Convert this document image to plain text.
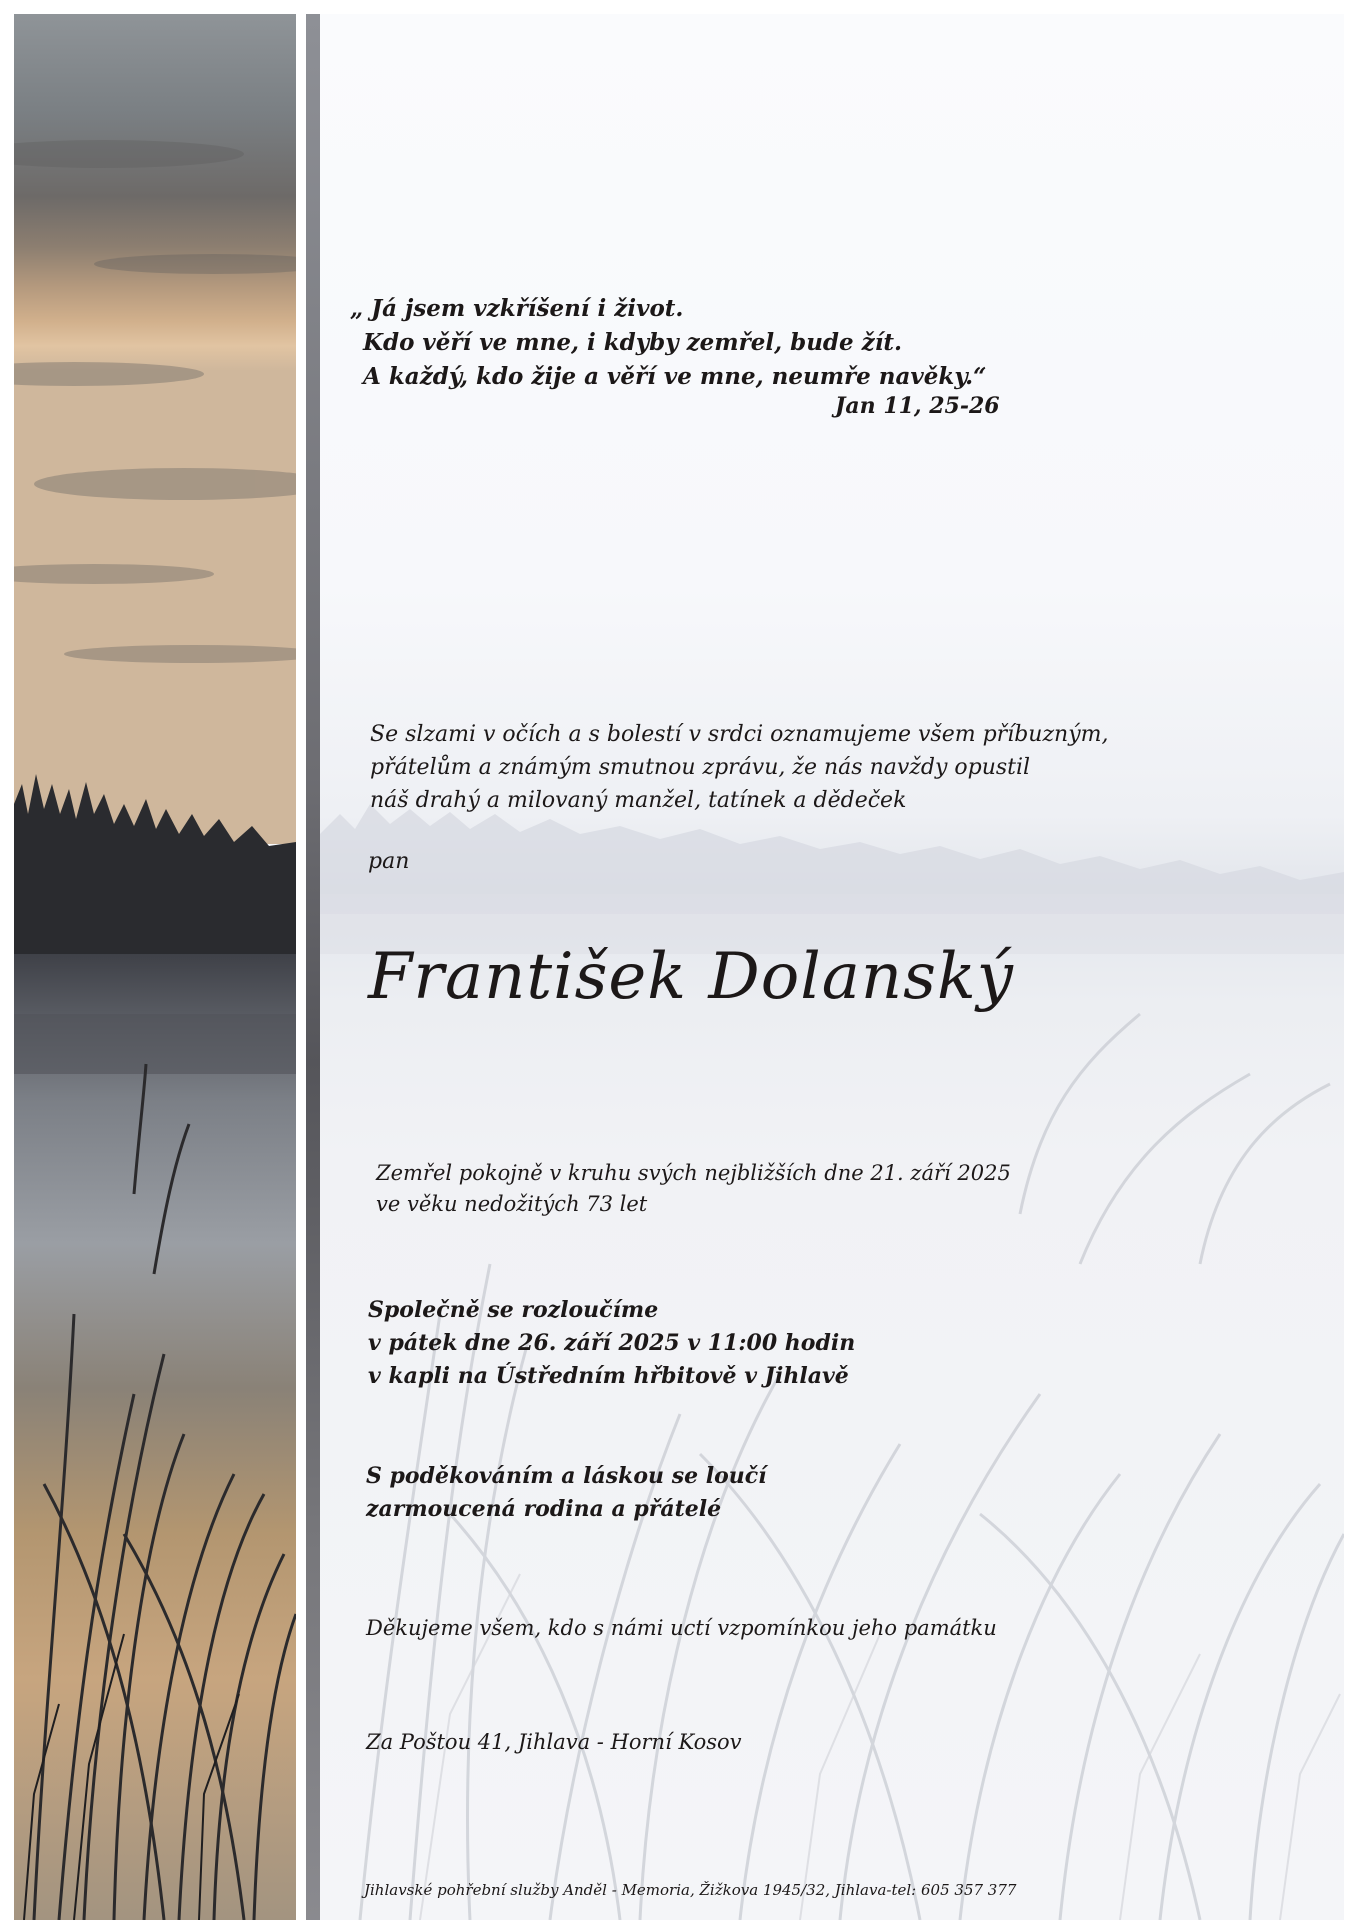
„ Já jsem vzkříšení i život.
Kdo věří ve mne, i kdyby zemřel, bude žít.
A každý, kdo žije a věří ve mne, neumře navěky.“
Jan 11, 25-26
Se slzami v očích a s bolestí v srdci oznamujeme všem příbuzným,
přátelům a známým smutnou zprávu, že nás navždy opustil
náš drahý a milovaný manžel, tatínek a dědeček
pan
František Dolanský
Zemřel pokojně v kruhu svých nejbližších dne 21. září 2025
ve věku nedožitých 73 let
Společně se rozloučíme
v pátek dne 26. září 2025 v 11:00 hodin
v kapli na Ústředním hřbitově v Jihlavě
S poděkováním a láskou se loučí
zarmoucená rodina a přátelé
Děkujeme všem, kdo s námi uctí vzpomínkou jeho památku
Za Poštou 41, Jihlava - Horní Kosov
Jihlavské pohřební služby Anděl - Memoria, Žižkova 1945/32, Jihlava-tel: 605 357 377
